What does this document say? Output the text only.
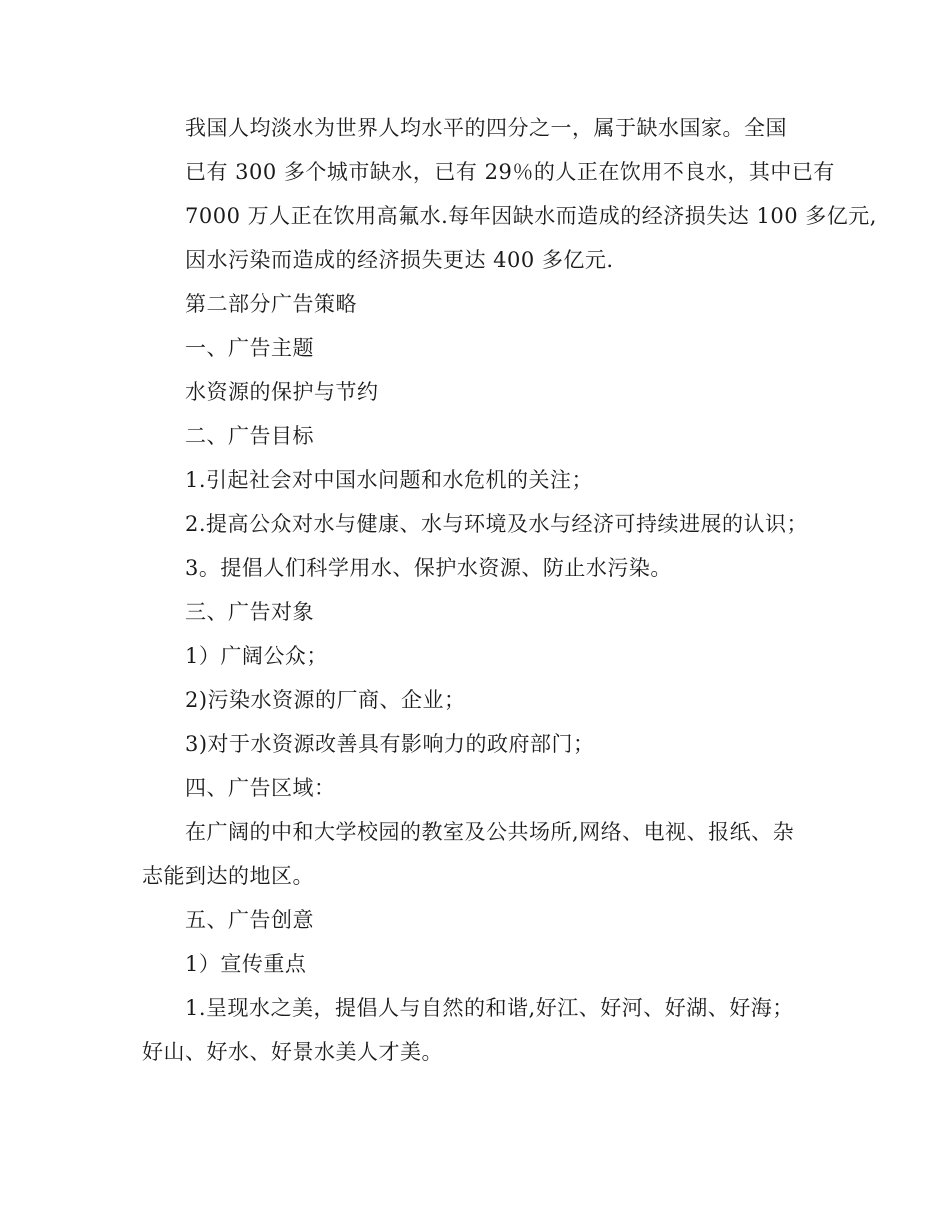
我国人均淡水为世界人均水平的四分之一，属于缺水国家。全国
已有 300 多个城市缺水，已有 29％的人正在饮用不良水，其中已有
7000 万人正在饮用高氟水.每年因缺水而造成的经济损失达 100 多亿元,
因水污染而造成的经济损失更达 400 多亿元.

第二部分广告策略

一、广告主题

水资源的保护与节约

二、广告目标

1.引起社会对中国水问题和水危机的关注；

2.提高公众对水与健康、水与环境及水与经济可持续进展的认识；

3。提倡人们科学用水、保护水资源、防止水污染。

三、广告对象

1）广阔公众；

2)污染水资源的厂商、企业；

3)对于水资源改善具有影响力的政府部门；

四、广告区域：

在广阔的中和大学校园的教室及公共场所,网络、电视、报纸、杂
志能到达的地区。

五、广告创意

1）宣传重点

1.呈现水之美，提倡人与自然的和谐,好江、好河、好湖、好海；
好山、好水、好景水美人才美。
